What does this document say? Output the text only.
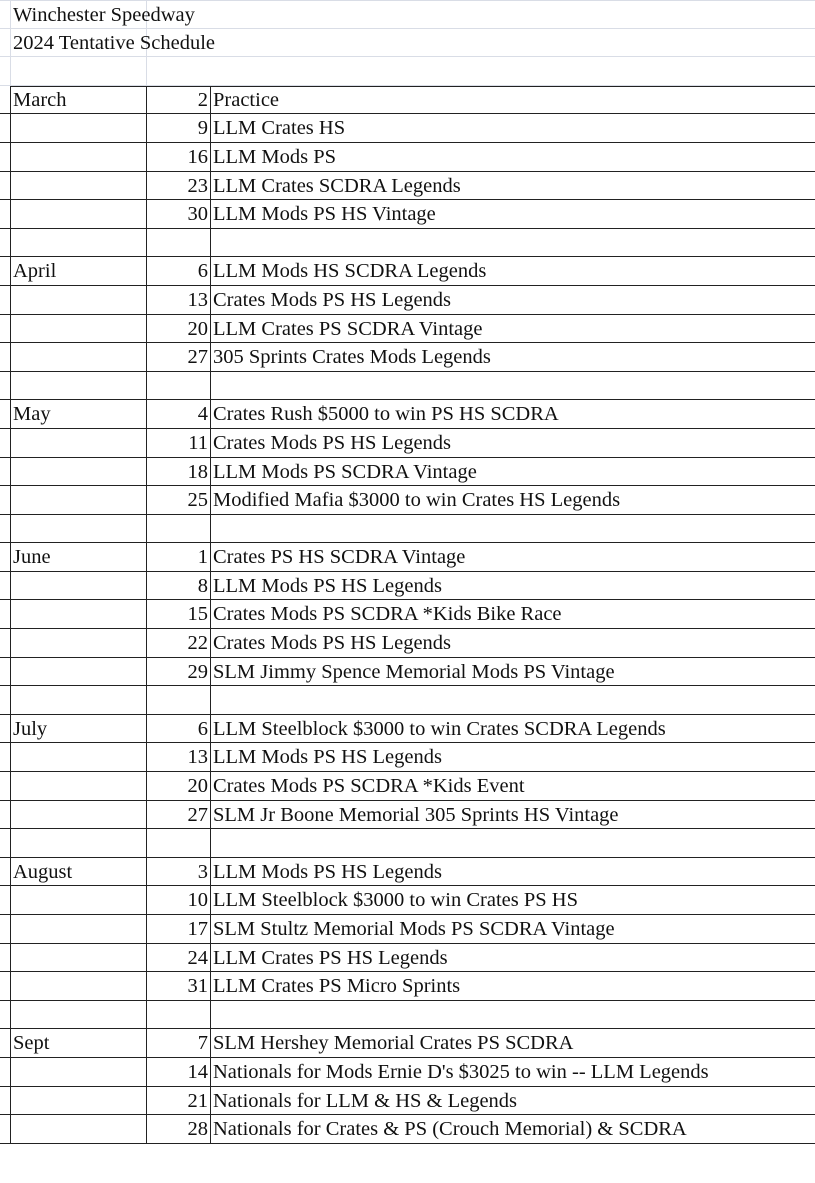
Winchester Speedway
2024 Tentative Schedule
March	2 Practice
9 LLM Crates HS
16 LLM Mods PS
23 LLM Crates SCDRA Legends
30 LLM Mods PS HS Vintage
April	6 LLM Mods HS SCDRA Legends
13 Crates Mods PS HS Legends
20 LLM Crates PS SCDRA Vintage
27 305 Sprints Crates Mods Legends
May	4 Crates Rush $5000 to win PS HS SCDRA
11 Crates Mods PS HS Legends
18 LLM Mods PS SCDRA Vintage
25 Modified Mafia $3000 to win Crates HS Legends
June	1 Crates PS HS SCDRA Vintage
8 LLM Mods PS HS Legends
15 Crates Mods PS SCDRA *Kids Bike Race
22 Crates Mods PS HS Legends
29 SLM Jimmy Spence Memorial Mods PS Vintage
July	6 LLM Steelblock $3000 to win Crates SCDRA Legends
13 LLM Mods PS HS Legends
20 Crates Mods PS SCDRA *Kids Event
27 SLM Jr Boone Memorial 305 Sprints HS Vintage
August	3 LLM Mods PS HS Legends
10 LLM Steelblock $3000 to win Crates PS HS
17 SLM Stultz Memorial Mods PS SCDRA Vintage
24 LLM Crates PS HS Legends
31 LLM Crates PS Micro Sprints
Sept	7 SLM Hershey Memorial Crates PS SCDRA
14 Nationals for Mods Ernie D's $3025 to win -- LLM Legends
21 Nationals for LLM & HS & Legends
28 Nationals for Crates & PS (Crouch Memorial) & SCDRA
